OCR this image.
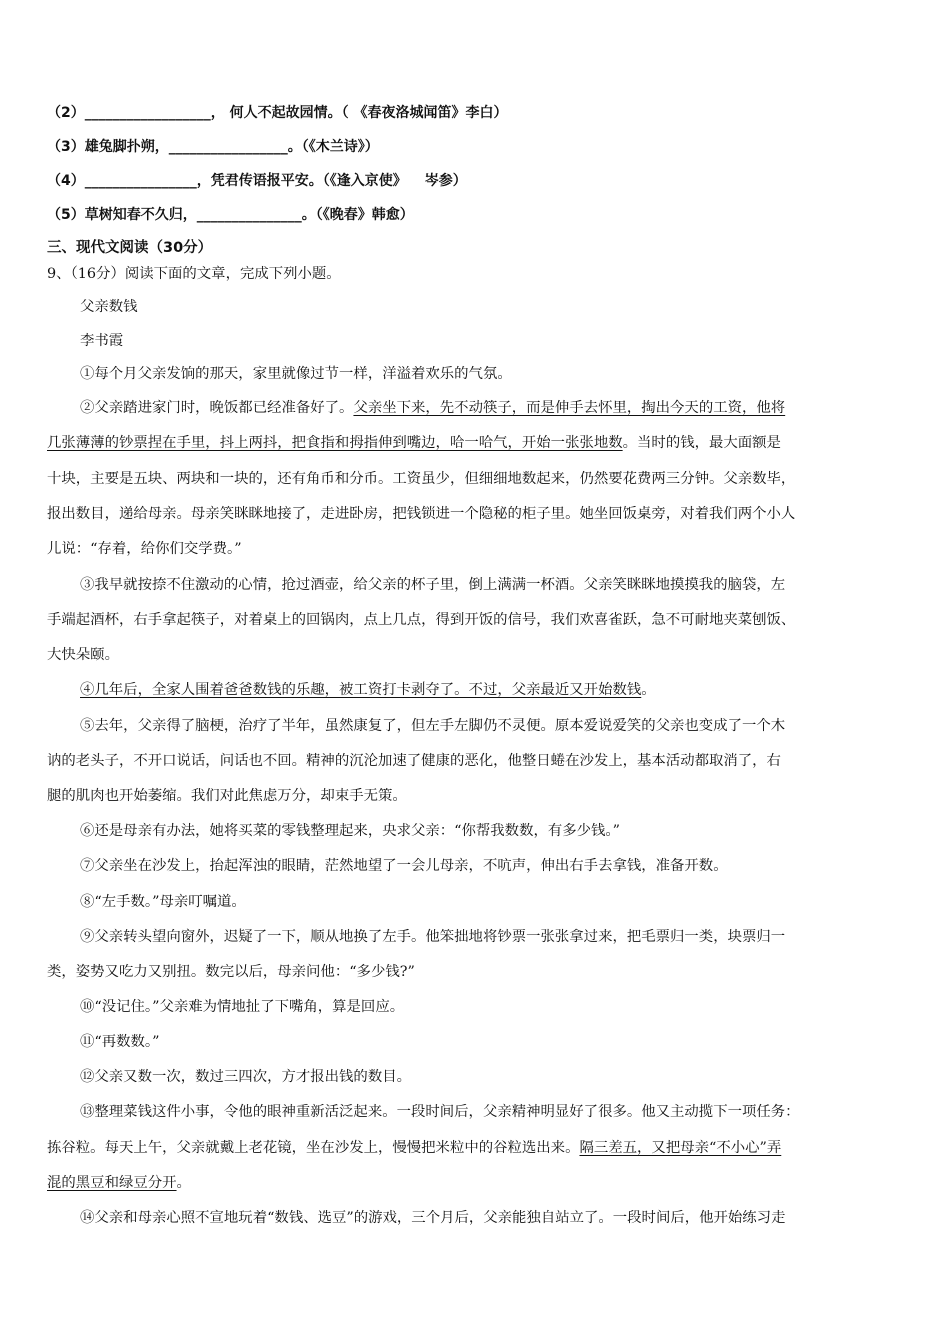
（2）__________________， 何人不起故园情。（ 《春夜洛城闻笛》李白）
（3）雄兔脚扑朔，_________________。（《木兰诗》）
（4）________________，凭君传语报平安。（《逢入京使》 岑参）
（5）草树知春不久归，_______________。（《晚春》韩愈）
三、现代文阅读（30分）
9、（16分）阅读下面的文章，完成下列小题。
父亲数钱
李书霞
①每个月父亲发饷的那天，家里就像过节一样，洋溢着欢乐的气氛。
②父亲踏进家门时，晚饭都已经准备好了。父亲坐下来，先不动筷子，而是伸手去怀里，掏出今天的工资，他将
几张薄薄的钞票捏在手里，抖上两抖，把食指和拇指伸到嘴边，哈一哈气，开始一张张地数。当时的钱，最大面额是
十块，主要是五块、两块和一块的，还有角币和分币。工资虽少，但细细地数起来，仍然要花费两三分钟。父亲数毕，
报出数目，递给母亲。母亲笑眯眯地接了，走进卧房，把钱锁进一个隐秘的柜子里。她坐回饭桌旁，对着我们两个小人
儿说：“存着，给你们交学费。”
③我早就按捺不住激动的心情，抢过酒壶，给父亲的杯子里，倒上满满一杯酒。父亲笑眯眯地摸摸我的脑袋，左
手端起酒杯，右手拿起筷子，对着桌上的回锅肉，点上几点，得到开饭的信号，我们欢喜雀跃，急不可耐地夹菜刨饭、
大快朵颐。
④几年后，全家人围着爸爸数钱的乐趣，被工资打卡剥夺了。不过，父亲最近又开始数钱。
⑤去年，父亲得了脑梗，治疗了半年，虽然康复了，但左手左脚仍不灵便。原本爱说爱笑的父亲也变成了一个木
讷的老头子，不开口说话，问话也不回。精神的沉沦加速了健康的恶化，他整日蜷在沙发上，基本活动都取消了，右
腿的肌肉也开始萎缩。我们对此焦虑万分，却束手无策。
⑥还是母亲有办法，她将买菜的零钱整理起来，央求父亲：“你帮我数数，有多少钱。”
⑦父亲坐在沙发上，抬起浑浊的眼睛，茫然地望了一会儿母亲，不吭声，伸出右手去拿钱，准备开数。
⑧“左手数。”母亲叮嘱道。
⑨父亲转头望向窗外，迟疑了一下，顺从地换了左手。他笨拙地将钞票一张张拿过来，把毛票归一类，块票归一
类，姿势又吃力又别扭。数完以后，母亲问他：“多少钱?”
⑩“没记住。”父亲难为情地扯了下嘴角，算是回应。
⑪“再数数。”
⑫父亲又数一次，数过三四次，方才报出钱的数目。
⑬整理菜钱这件小事，令他的眼神重新活泛起来。一段时间后，父亲精神明显好了很多。他又主动揽下一项任务：
拣谷粒。每天上午，父亲就戴上老花镜，坐在沙发上，慢慢把米粒中的谷粒选出来。隔三差五，又把母亲“不小心”弄
混的黑豆和绿豆分开。
⑭父亲和母亲心照不宣地玩着“数钱、选豆”的游戏，三个月后，父亲能独自站立了。一段时间后，他开始练习走
